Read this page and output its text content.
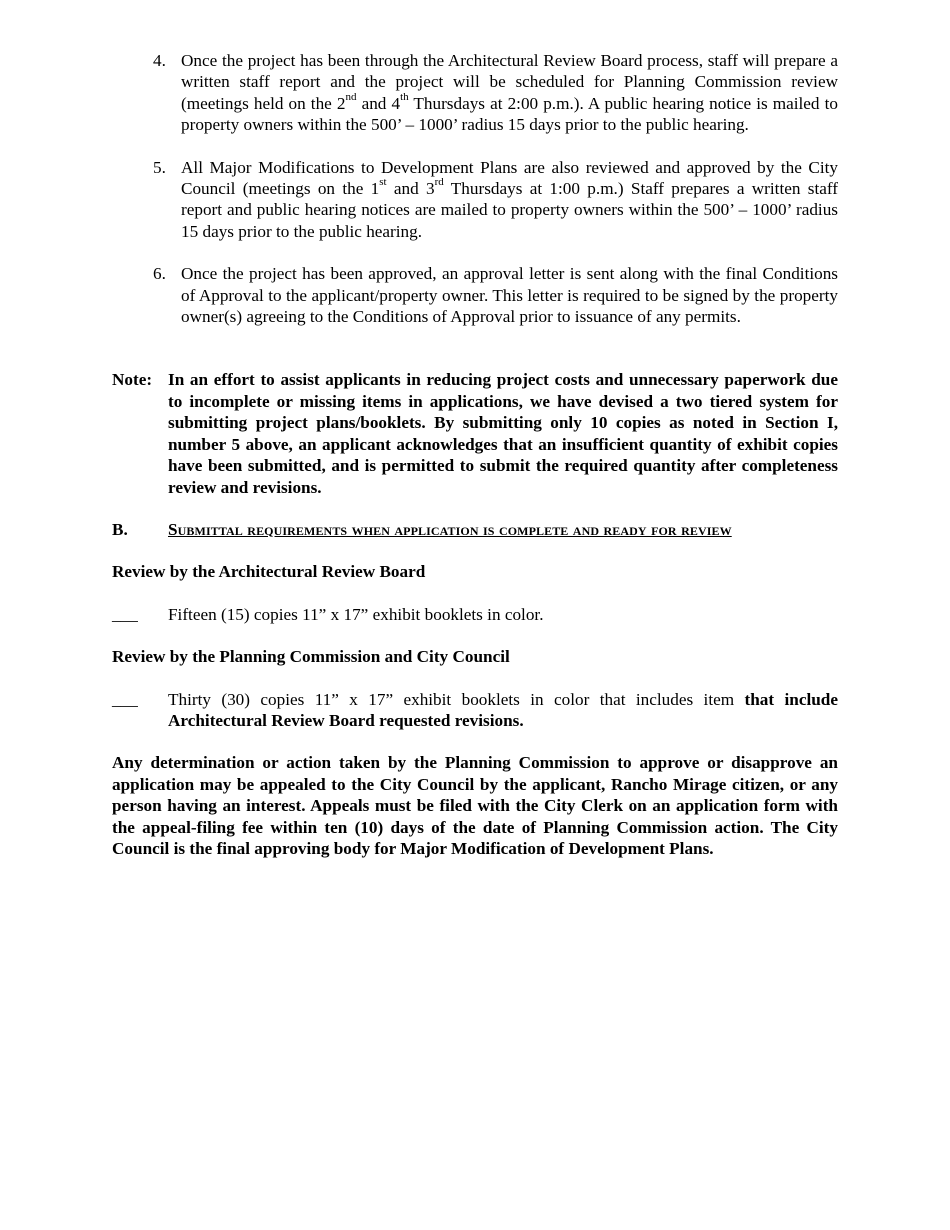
4. Once the project has been through the Architectural Review Board process, staff will prepare a written staff report and the project will be scheduled for Planning Commission review (meetings held on the 2nd and 4th Thursdays at 2:00 p.m.). A public hearing notice is mailed to property owners within the 500’ – 1000’ radius 15 days prior to the public hearing.
5. All Major Modifications to Development Plans are also reviewed and approved by the City Council (meetings on the 1st and 3rd Thursdays at 1:00 p.m.) Staff prepares a written staff report and public hearing notices are mailed to property owners within the 500’ – 1000’ radius 15 days prior to the public hearing.
6. Once the project has been approved, an approval letter is sent along with the final Conditions of Approval to the applicant/property owner. This letter is required to be signed by the property owner(s) agreeing to the Conditions of Approval prior to issuance of any permits.
Note: In an effort to assist applicants in reducing project costs and unnecessary paperwork due to incomplete or missing items in applications, we have devised a two tiered system for submitting project plans/booklets. By submitting only 10 copies as noted in Section I, number 5 above, an applicant acknowledges that an insufficient quantity of exhibit copies have been submitted, and is permitted to submit the required quantity after completeness review and revisions.
B.	Submittal requirements when application is complete and ready for review
Review by the Architectural Review Board
___	Fifteen (15) copies 11” x 17” exhibit booklets in color.
Review by the Planning Commission and City Council
___	Thirty (30) copies 11” x 17” exhibit booklets in color that includes item that include Architectural Review Board requested revisions.
Any determination or action taken by the Planning Commission to approve or disapprove an application may be appealed to the City Council by the applicant, Rancho Mirage citizen, or any person having an interest. Appeals must be filed with the City Clerk on an application form with the appeal-filing fee within ten (10) days of the date of Planning Commission action. The City Council is the final approving body for Major Modification of Development Plans.
